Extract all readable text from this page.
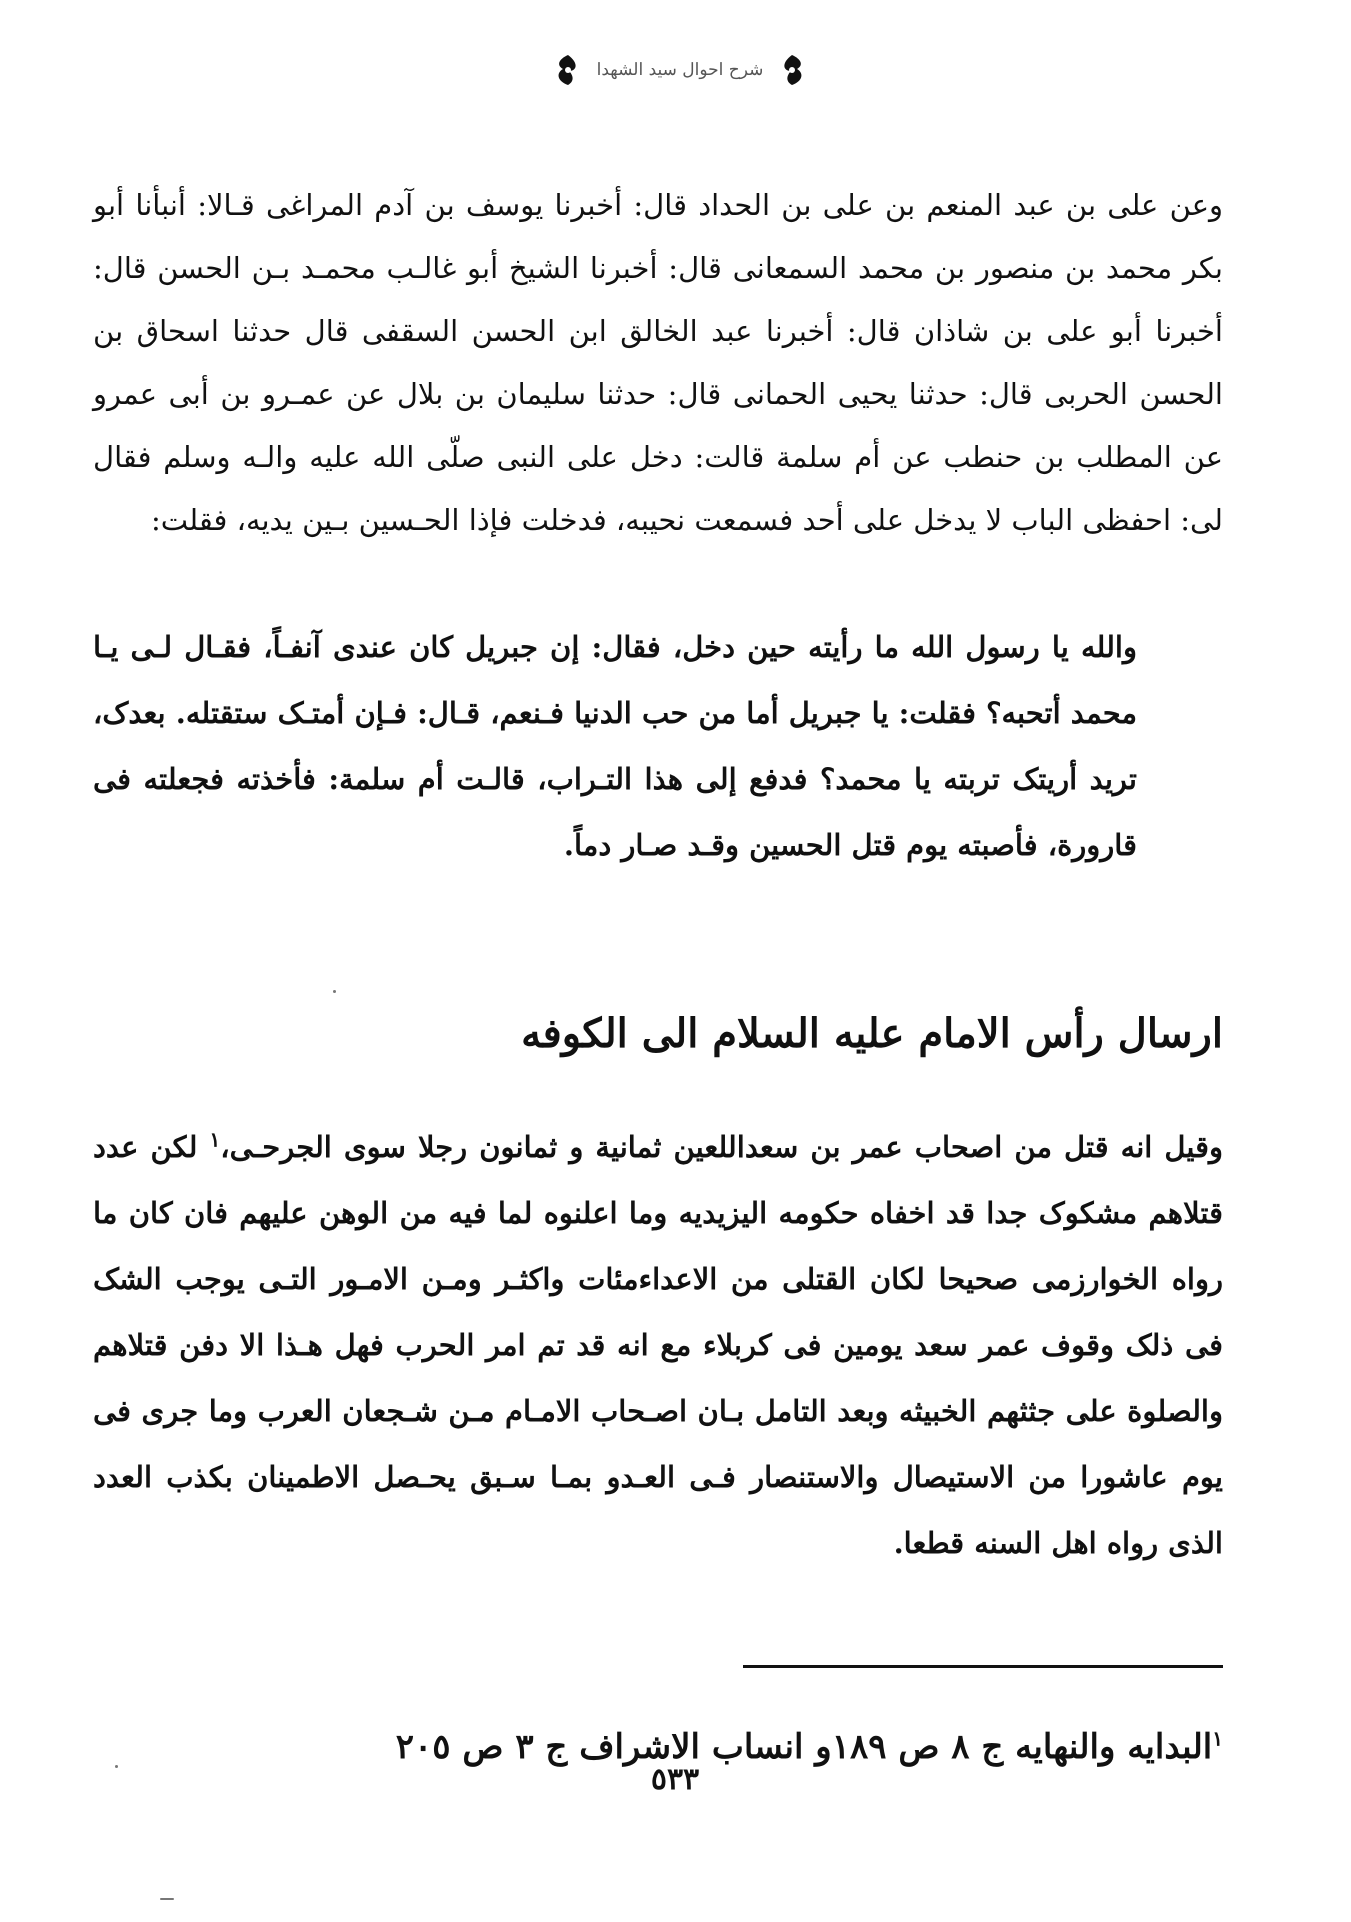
شرح احوال سید الشهدا

وعن علی بن عبد المنعم بن علی بن الحداد قال: أخبرنا یوسف بن آدم المراغی قـالا: أنبأنا أبو بکر محمد بن منصور بن محمد السمعانی قال: أخبرنا الشیخ أبو غالـب محمـد بـن الحسن قال: أخبرنا أبو علی بن شاذان قال: أخبرنا عبد الخالق ابن الحسن السقفی قال حدثنا اسحاق بن الحسن الحربی قال: حدثنا یحیی الحمانی قال: حدثنا سلیمان بن بلال عن عمـرو بن أبی عمرو عن المطلب بن حنطب عن أم سلمة قالت: دخل علی النبی صلّی الله علیه والـه وسلم فقال لی: احفظی الباب لا یدخل علی أحد فسمعت نحیبه، فدخلت فإذا الحـسین بـین یدیه، فقلت:

والله یا رسول الله ما رأیته حین دخل، فقال: إن جبریل کان عندی آنفـاً، فقـال لـی یـا محمد أتحبه؟ فقلت: یا جبریل أما من حب الدنیا فـنعم، قـال: فـإن أمتـک ستقتله. بعدک، ترید أریتک تربته یا محمد؟ فدفع إلی هذا التـراب، قالـت أم سلمة: فأخذته فجعلته فی قارورة، فأصبته یوم قتل الحسین وقـد صـار دماً.

ارسال رأس الامام علیه السلام الی الکوفه

وقیل انه قتل من اصحاب عمر بن سعداللعین ثمانیة و ثمانون رجلا سوی الجرحـی،$^١$ لکن عدد قتلاهم مشکوک جدا قد اخفاه حکومه الیزیدیه وما اعلنوه لما فیه من الوهن علیهم فان کان ما رواه الخوارزمی صحیحا لکان القتلی من الاعداءمئات واکثـر ومـن الامـور التـی یوجب الشک فی ذلک وقوف عمر سعد یومین فی کربلاء مع انه قد تم امر الحرب فهل هـذا الا دفن قتلاهم والصلوة علی جثثهم الخبیثه وبعد التامل بـان اصـحاب الامـام مـن شـجعان العرب وما جری فی یوم عاشورا من الاستیصال والاستنصار فـی العـدو بمـا سـبق یحـصل الاطمینان بکذب العدد الذی رواه اهل السنه قطعا.

$^١$البدایه والنهایه ج ٨ ص ١٨٩و انساب الاشراف ج ٣ ص ٢٠٥

٥٣٣
